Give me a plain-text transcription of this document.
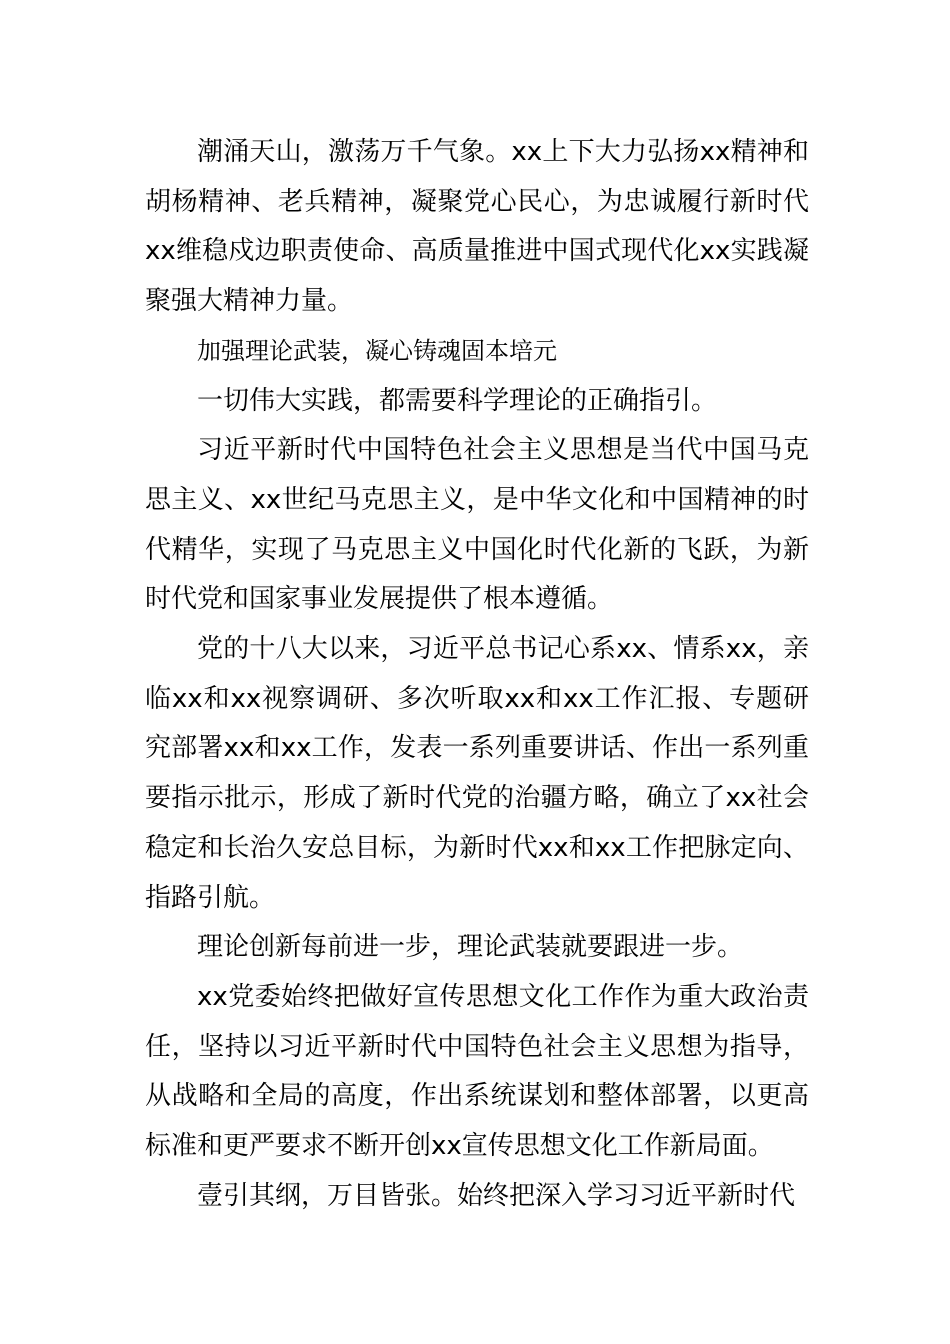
潮涌天山，激荡万千气象。xx上下大力弘扬xx精神和胡杨精神、老兵精神，凝聚党心民心，为忠诚履行新时代xx维稳戍边职责使命、高质量推进中国式现代化xx实践凝聚强大精神力量。

加强理论武装，凝心铸魂固本培元

一切伟大实践，都需要科学理论的正确指引。

习近平新时代中国特色社会主义思想是当代中国马克思主义、xx世纪马克思主义，是中华文化和中国精神的时代精华，实现了马克思主义中国化时代化新的飞跃，为新时代党和国家事业发展提供了根本遵循。

党的十八大以来，习近平总书记心系xx、情系xx，亲临xx和xx视察调研、多次听取xx和xx工作汇报、专题研究部署xx和xx工作，发表一系列重要讲话、作出一系列重要指示批示，形成了新时代党的治疆方略，确立了xx社会稳定和长治久安总目标，为新时代xx和xx工作把脉定向、指路引航。

理论创新每前进一步，理论武装就要跟进一步。

xx党委始终把做好宣传思想文化工作作为重大政治责任，坚持以习近平新时代中国特色社会主义思想为指导，从战略和全局的高度，作出系统谋划和整体部署，以更高标准和更严要求不断开创xx宣传思想文化工作新局面。

壹引其纲，万目皆张。始终把深入学习习近平新时代
